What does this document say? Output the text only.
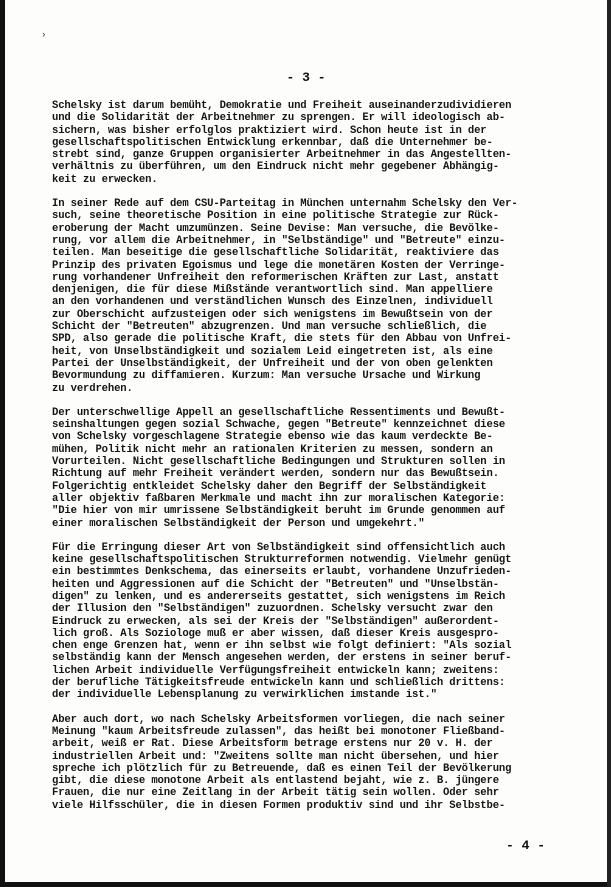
›
- 3 -
Schelsky ist darum bemüht, Demokratie und Freiheit auseinanderzudividieren
und die Solidarität der Arbeitnehmer zu sprengen. Er will ideologisch ab-
sichern, was bisher erfolglos praktiziert wird. Schon heute ist in der
gesellschaftspolitischen Entwicklung erkennbar, daß die Unternehmer be-
strebt sind, ganze Gruppen organisierter Arbeitnehmer in das Angestellten-
verhältnis zu überführen, um den Eindruck nicht mehr gegebener Abhängig-
keit zu erwecken.
In seiner Rede auf dem CSU-Parteitag in München unternahm Schelsky den Ver-
such, seine theoretische Position in eine politische Strategie zur Rück-
eroberung der Macht umzumünzen. Seine Devise: Man versuche, die Bevölke-
rung, vor allem die Arbeitnehmer, in "Selbständige" und "Betreute" einzu-
teilen. Man beseitige die gesellschaftliche Solidarität, reaktiviere das
Prinzip des privaten Egoismus und lege die monetären Kosten der Verringe-
rung vorhandener Unfreiheit den reformerischen Kräften zur Last, anstatt
denjenigen, die für diese Mißstände verantwortlich sind. Man appelliere
an den vorhandenen und verständlichen Wunsch des Einzelnen, individuell
zur Oberschicht aufzusteigen oder sich wenigstens im Bewußtsein von der
Schicht der "Betreuten" abzugrenzen. Und man versuche schließlich, die
SPD, also gerade die politische Kraft, die stets für den Abbau von Unfrei-
heit, von Unselbständigkeit und sozialem Leid eingetreten ist, als eine
Partei der Unselbständigkeit, der Unfreiheit und der von oben gelenkten
Bevormundung zu diffamieren. Kurzum: Man versuche Ursache und Wirkung
zu verdrehen.
Der unterschwellige Appell an gesellschaftliche Ressentiments und Bewußt-
seinshaltungen gegen sozial Schwache, gegen "Betreute" kennzeichnet diese
von Schelsky vorgeschlagene Strategie ebenso wie das kaum verdeckte Be-
mühen, Politik nicht mehr an rationalen Kriterien zu messen, sondern an
Vorurteilen. Nicht gesellschaftliche Bedingungen und Strukturen sollen in
Richtung auf mehr Freiheit verändert werden, sondern nur das Bewußtsein.
Folgerichtig entkleidet Schelsky daher den Begriff der Selbständigkeit
aller objektiv faßbaren Merkmale und macht ihn zur moralischen Kategorie:
"Die hier von mir umrissene Selbständigkeit beruht im Grunde genommen auf
einer moralischen Selbständigkeit der Person und umgekehrt."
Für die Erringung dieser Art von Selbständigkeit sind offensichtlich auch
keine gesellschaftspolitischen Strukturreformen notwendig. Vielmehr genügt
ein bestimmtes Denkschema, das einerseits erlaubt, vorhandene Unzufrieden-
heiten und Aggressionen auf die Schicht der "Betreuten" und "Unselbstän-
digen" zu lenken, und es andererseits gestattet, sich wenigstens im Reich
der Illusion den "Selbständigen" zuzuordnen. Schelsky versucht zwar den
Eindruck zu erwecken, als sei der Kreis der "Selbständigen" außerordent-
lich groß. Als Soziologe muß er aber wissen, daß dieser Kreis ausgespro-
chen enge Grenzen hat, wenn er ihn selbst wie folgt definiert: "Als sozial
selbständig kann der Mensch angesehen werden, der erstens in seiner beruf-
lichen Arbeit individuelle Verfügungsfreiheit entwickeln kann; zweitens:
der berufliche Tätigkeitsfreude entwickeln kann und schließlich drittens:
der individuelle Lebensplanung zu verwirklichen imstande ist."
Aber auch dort, wo nach Schelsky Arbeitsformen vorliegen, die nach seiner
Meinung "kaum Arbeitsfreude zulassen", das heißt bei monotoner Fließband-
arbeit, weiß er Rat. Diese Arbeitsform betrage erstens nur 20 v. H. der
industriellen Arbeit und: "Zweitens sollte man nicht übersehen, und hier
spreche ich plötzlich für zu Betreuende, daß es einen Teil der Bevölkerung
gibt, die diese monotone Arbeit als entlastend bejaht, wie z. B. jüngere
Frauen, die nur eine Zeitlang in der Arbeit tätig sein wollen. Oder sehr
viele Hilfsschüler, die in diesen Formen produktiv sind und ihr Selbstbe-
- 4 -
